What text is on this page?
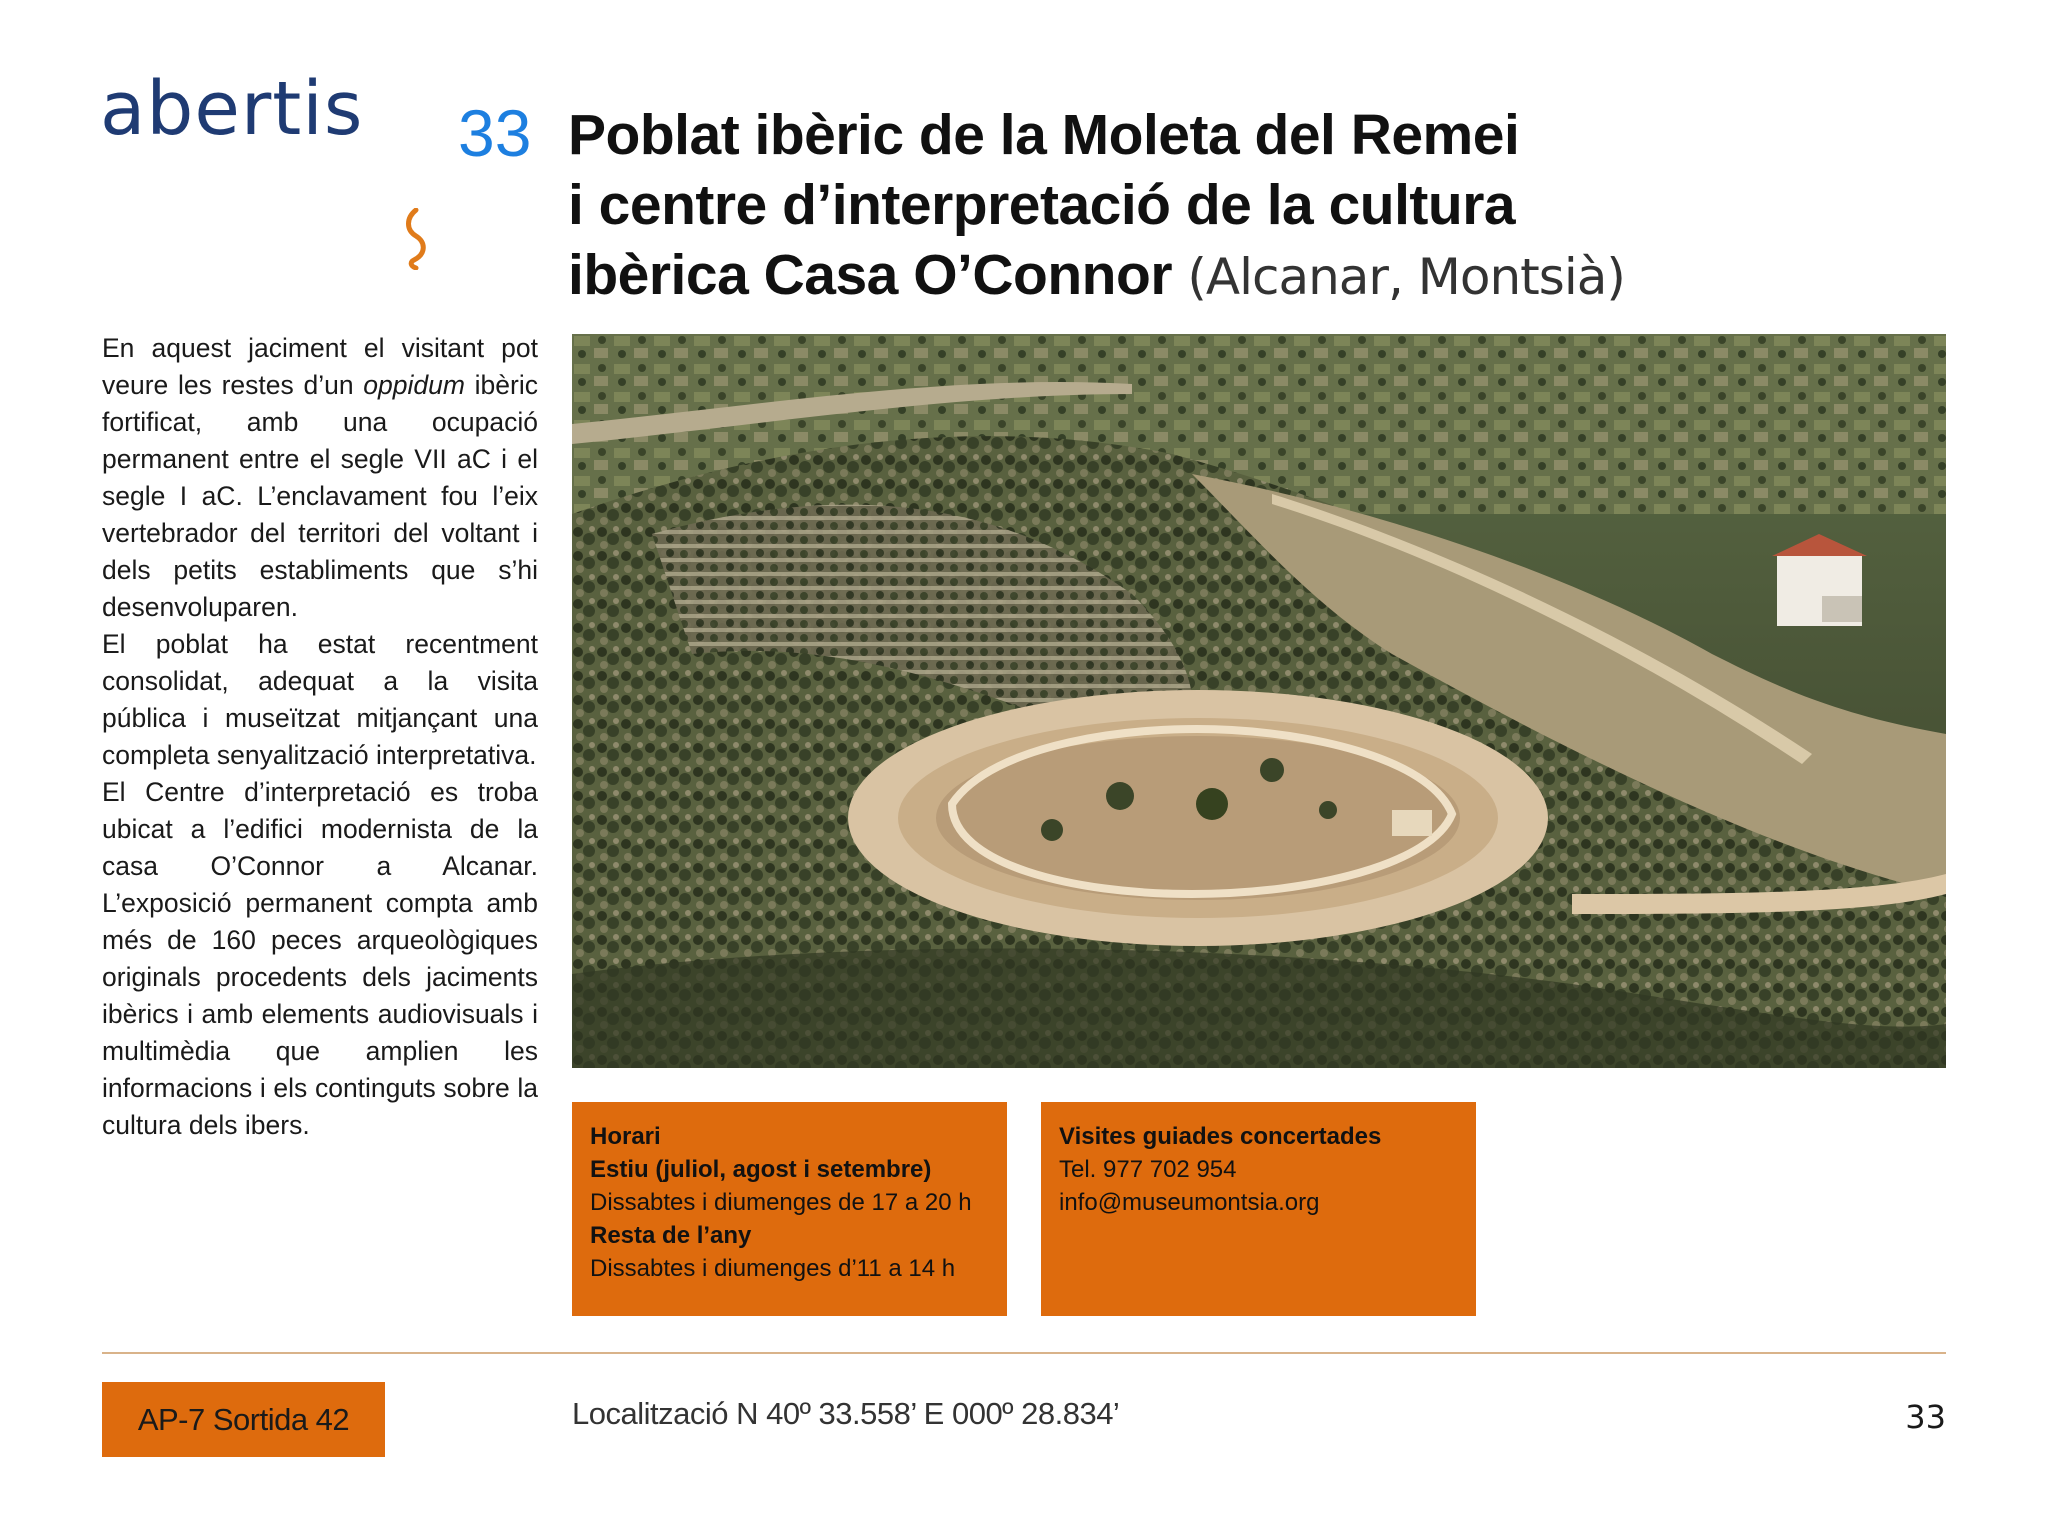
abertis 33 Poblat ibèric de la Moleta del Remei
i centre d’interpretació de la cultura
ibèrica Casa O’Connor (Alcanar, Montsià)

En aquest jaciment el visitant pot veure les restes d’un oppidum ibèric fortificat, amb una ocupació permanent entre el segle VII aC i el segle I aC. L’enclavament fou l’eix vertebrador del territori del voltant i dels petits establiments que s’hi desenvoluparen.

El poblat ha estat recentment consolidat, adequat a la visita pública i museïtzat mitjançant una completa senyalització interpretativa.

El Centre d’interpretació es troba ubicat a l’edifici modernista de la casa O’Connor a Alcanar. L’exposició permanent compta amb més de 160 peces arqueològiques originals procedents dels jaciments ibèrics i amb elements audiovisuals i multimèdia que amplien les informacions i els continguts sobre la cultura dels ibers.	Horari
Estiu (juliol, agost i setembre)
Dissabtes i diumenges de 17 a 20 h
Resta de l’any
Dissabtes i diumenges d’11 a 14 h
Visites guiades concertades
Tel. 977 702 954
info@museumontsia.org
AP-7 Sortida 42	Localització N 40º 33.558’ E 000º 28.834’	33
